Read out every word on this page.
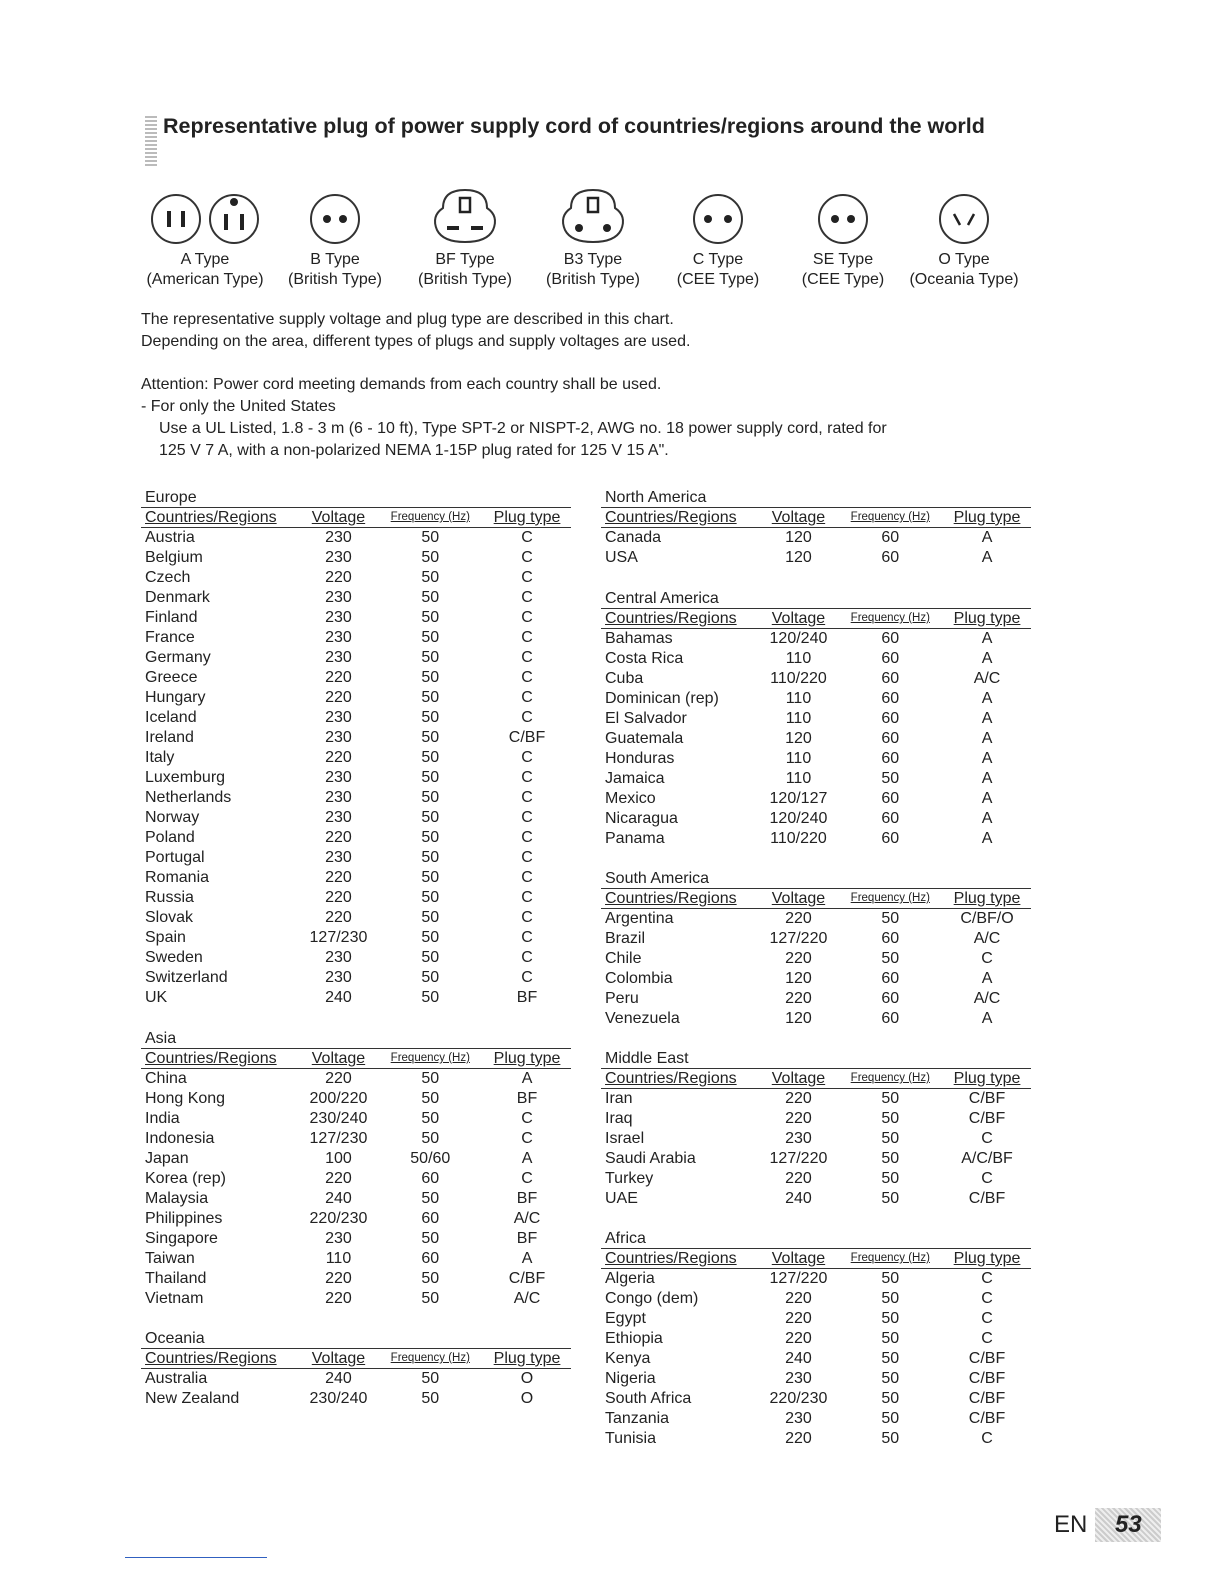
Representative plug of power supply cord of countries/regions around the world
A Type
(American Type)
B Type
(British Type)
BF Type
(British Type)
B3 Type
(British Type)
C Type
(CEE Type)
SE Type
(CEE Type)
O Type
(Oceania Type)
The representative supply voltage and plug type are described in this chart.
Depending on the area, different types of plugs and supply voltages are used.
Attention: Power cord meeting demands from each country shall be used.
- For only the United States
Use a UL Listed, 1.8 - 3 m (6 - 10 ft), Type SPT-2 or NISPT-2, AWG no. 18 power supply cord, rated for
125 V 7 A, with a non-polarized NEMA 1-15P plug rated for 125 V 15 A".
Europe
Countries/Regions	Voltage	Frequency (Hz)	Plug type
Austria	230	50	C
Belgium	230	50	C
Czech	220	50	C
Denmark	230	50	C
Finland	230	50	C
France	230	50	C
Germany	230	50	C
Greece	220	50	C
Hungary	220	50	C
Iceland	230	50	C
Ireland	230	50	C/BF
Italy	220	50	C
Luxemburg	230	50	C
Netherlands	230	50	C
Norway	230	50	C
Poland	220	50	C
Portugal	230	50	C
Romania	220	50	C
Russia	220	50	C
Slovak	220	50	C
Spain	127/230	50	C
Sweden	230	50	C
Switzerland	230	50	C
UK	240	50	BF
Asia
Countries/Regions	Voltage	Frequency (Hz)	Plug type
China	220	50	A
Hong Kong	200/220	50	BF
India	230/240	50	C
Indonesia	127/230	50	C
Japan	100	50/60	A
Korea (rep)	220	60	C
Malaysia	240	50	BF
Philippines	220/230	60	A/C
Singapore	230	50	BF
Taiwan	110	60	A
Thailand	220	50	C/BF
Vietnam	220	50	A/C
Oceania
Countries/Regions	Voltage	Frequency (Hz)	Plug type
Australia	240	50	O
New Zealand	230/240	50	O
North America
Countries/Regions	Voltage	Frequency (Hz)	Plug type
Canada	120	60	A
USA	120	60	A
Central America
Countries/Regions	Voltage	Frequency (Hz)	Plug type
Bahamas	120/240	60	A
Costa Rica	110	60	A
Cuba	110/220	60	A/C
Dominican (rep)	110	60	A
El Salvador	110	60	A
Guatemala	120	60	A
Honduras	110	60	A
Jamaica	110	50	A
Mexico	120/127	60	A
Nicaragua	120/240	60	A
Panama	110/220	60	A
South America
Countries/Regions	Voltage	Frequency (Hz)	Plug type
Argentina	220	50	C/BF/O
Brazil	127/220	60	A/C
Chile	220	50	C
Colombia	120	60	A
Peru	220	60	A/C
Venezuela	120	60	A
Middle East
Countries/Regions	Voltage	Frequency (Hz)	Plug type
Iran	220	50	C/BF
Iraq	220	50	C/BF
Israel	230	50	C
Saudi Arabia	127/220	50	A/C/BF
Turkey	220	50	C
UAE	240	50	C/BF
Africa
Countries/Regions	Voltage	Frequency (Hz)	Plug type
Algeria	127/220	50	C
Congo (dem)	220	50	C
Egypt	220	50	C
Ethiopia	220	50	C
Kenya	240	50	C/BF
Nigeria	230	50	C/BF
South Africa	220/230	50	C/BF
Tanzania	230	50	C/BF
Tunisia	220	50	C
EN	53
